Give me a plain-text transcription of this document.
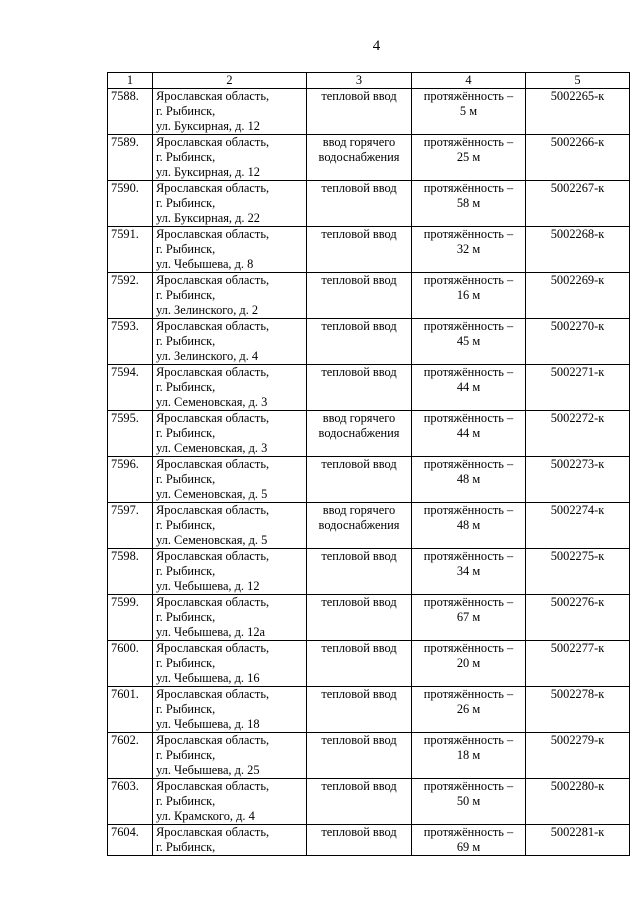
4
1	2	3	4	5

7588.	Ярославская область,
г. Рыбинск,
ул. Буксирная, д. 12	тепловой ввод	протяжённость –
5 м	5002265-к

7589.	Ярославская область,
г. Рыбинск,
ул. Буксирная, д. 12	ввод горячего
водоснабжения	протяжённость –
25 м	5002266-к

7590.	Ярославская область,
г. Рыбинск,
ул. Буксирная, д. 22	тепловой ввод	протяжённость –
58 м	5002267-к

7591.	Ярославская область,
г. Рыбинск,
ул. Чебышева, д. 8	тепловой ввод	протяжённость –
32 м	5002268-к

7592.	Ярославская область,
г. Рыбинск,
ул. Зелинского, д. 2	тепловой ввод	протяжённость –
16 м	5002269-к

7593.	Ярославская область,
г. Рыбинск,
ул. Зелинского, д. 4	тепловой ввод	протяжённость –
45 м	5002270-к

7594.	Ярославская область,
г. Рыбинск,
ул. Семеновская, д. 3	тепловой ввод	протяжённость –
44 м	5002271-к

7595.	Ярославская область,
г. Рыбинск,
ул. Семеновская, д. 3	ввод горячего
водоснабжения	протяжённость –
44 м	5002272-к

7596.	Ярославская область,
г. Рыбинск,
ул. Семеновская, д. 5	тепловой ввод	протяжённость –
48 м	5002273-к

7597.	Ярославская область,
г. Рыбинск,
ул. Семеновская, д. 5	ввод горячего
водоснабжения	протяжённость –
48 м	5002274-к

7598.	Ярославская область,
г. Рыбинск,
ул. Чебышева, д. 12	тепловой ввод	протяжённость –
34 м	5002275-к

7599.	Ярославская область,
г. Рыбинск,
ул. Чебышева, д. 12а	тепловой ввод	протяжённость –
67 м	5002276-к

7600.	Ярославская область,
г. Рыбинск,
ул. Чебышева, д. 16	тепловой ввод	протяжённость –
20 м	5002277-к

7601.	Ярославская область,
г. Рыбинск,
ул. Чебышева, д. 18	тепловой ввод	протяжённость –
26 м	5002278-к

7602.	Ярославская область,
г. Рыбинск,
ул. Чебышева, д. 25	тепловой ввод	протяжённость –
18 м	5002279-к

7603.	Ярославская область,
г. Рыбинск,
ул. Крамского, д. 4	тепловой ввод	протяжённость –
50 м	5002280-к

7604.	Ярославская область,
г. Рыбинск,	тепловой ввод	протяжённость –
69 м	5002281-к
